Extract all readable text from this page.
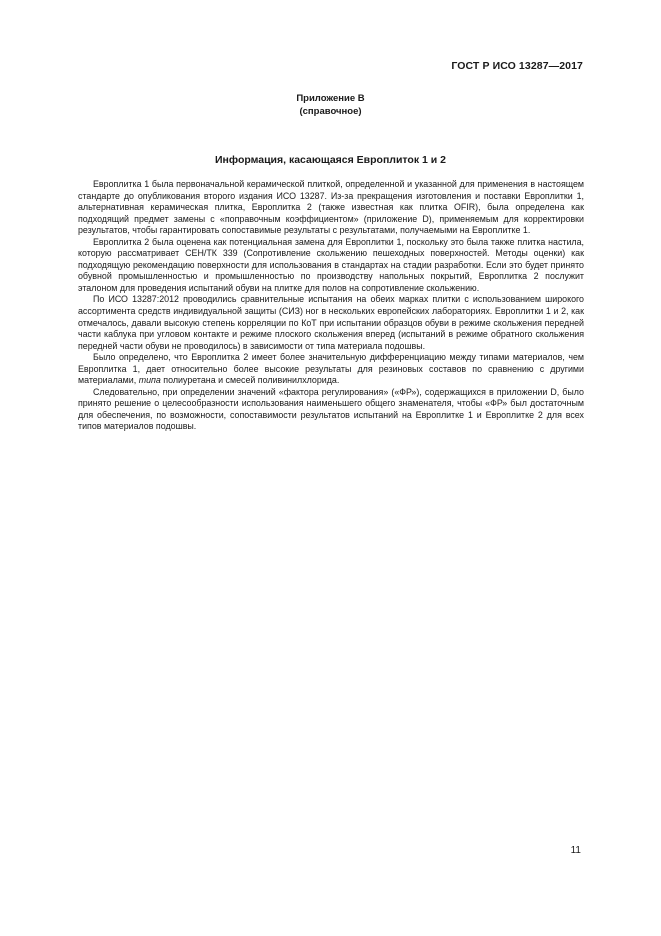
ГОСТ Р ИСО 13287—2017
Приложение В
(справочное)
Информация, касающаяся Европлиток 1 и 2

Европлитка 1 была первоначальной керамической плиткой, определенной и указанной для применения в настоящем стандарте до опубликования второго издания ИСО 13287. Из-за прекращения изготовления и поставки Европлитки 1, альтернативная керамическая плитка, Европлитка 2 (также известная как плитка OFIR), была определена как подходящий предмет замены с «поправочным коэффициентом» (приложение D), применяемым для корректировки результатов, чтобы гарантировать сопоставимые результаты с результатами, получаемыми на Европлитке 1.

Европлитка 2 была оценена как потенциальная замена для Европлитки 1, поскольку это была также плитка настила, которую рассматривает СЕН/ТК 339 (Сопротивление скольжению пешеходных поверхностей. Методы оценки) как подходящую рекомендацию поверхности для использования в стандартах на стадии разработки. Если это будет принято обувной промышленностью и промышленностью по производству напольных покрытий, Европлитка 2 послужит эталоном для проведения испытаний обуви на плитке для полов на сопротивление скольжению.

По ИСО 13287:2012 проводились сравнительные испытания на обеих марках плитки с использованием широкого ассортимента средств индивидуальной защиты (СИЗ) ног в нескольких европейских лабораториях. Европлитки 1 и 2, как отмечалось, давали высокую степень корреляции по КоТ при испытании образцов обуви в режиме скольжения передней части каблука при угловом контакте и режиме плоского скольжения вперед (испытаний в режиме обратного скольжения передней части обуви не проводилось) в зависимости от типа материала подошвы.

Было определено, что Европлитка 2 имеет более значительную дифференциацию между типами материалов, чем Европлитка 1, дает относительно более высокие результаты для резиновых составов по сравнению с другими материалами, типа полиуретана и смесей поливинилхлорида.

Следовательно, при определении значений «фактора регулирования» («ФР»), содержащихся в приложении D, было принято решение о целесообразности использования наименьшего общего знаменателя, чтобы «ФР» был достаточным для обеспечения, по возможности, сопоставимости результатов испытаний на Европлитке 1 и Европлитке 2 для всех типов материалов подошвы.

11
